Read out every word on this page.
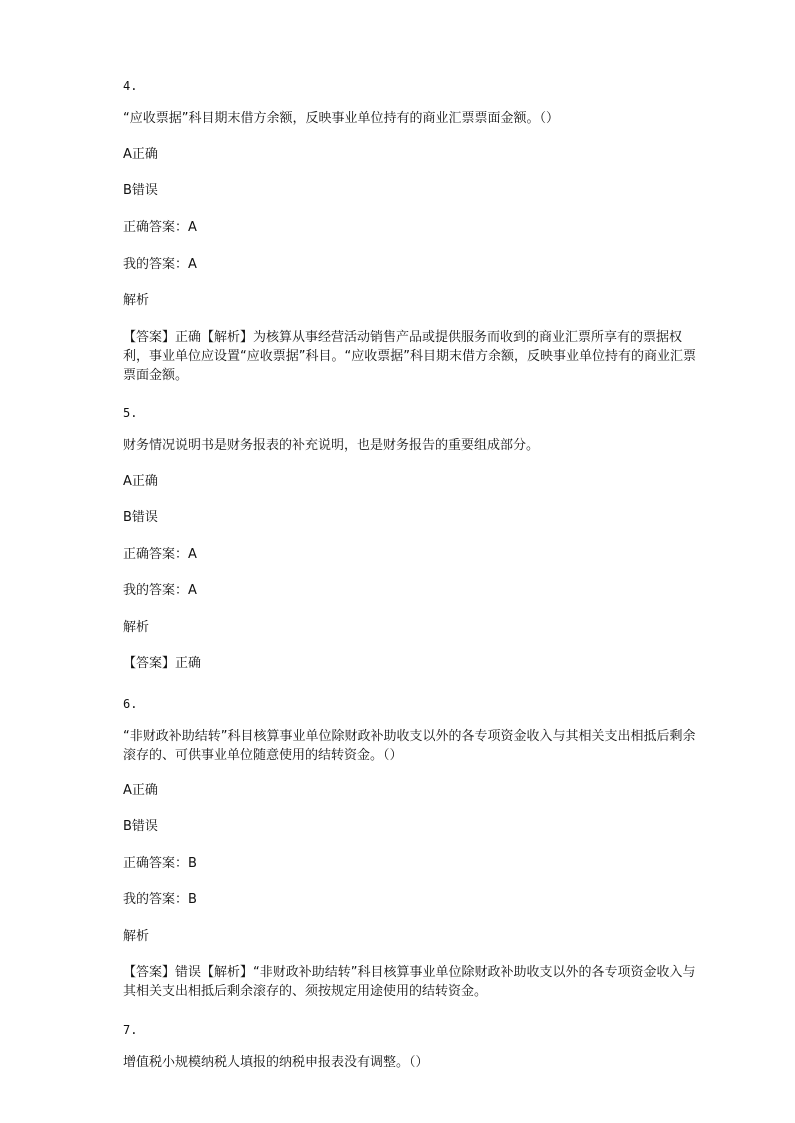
4.
“应收票据”科目期末借方余额，反映事业单位持有的商业汇票票面金额。（）
A正确
B错误
正确答案：A
我的答案：A
解析
【答案】正确【解析】为核算从事经营活动销售产品或提供服务而收到的商业汇票所享有的票据权利，事业单位应设置“应收票据”科目。“应收票据”科目期末借方余额，反映事业单位持有的商业汇票票面金额。
5.
财务情况说明书是财务报表的补充说明，也是财务报告的重要组成部分。
A正确
B错误
正确答案：A
我的答案：A
解析
【答案】正确
6.
“非财政补助结转”科目核算事业单位除财政补助收支以外的各专项资金收入与其相关支出相抵后剩余滚存的、可供事业单位随意使用的结转资金。（）
A正确
B错误
正确答案：B
我的答案：B
解析
【答案】错误【解析】“非财政补助结转”科目核算事业单位除财政补助收支以外的各专项资金收入与其相关支出相抵后剩余滚存的、须按规定用途使用的结转资金。
7.
增值税小规模纳税人填报的纳税申报表没有调整。（）
